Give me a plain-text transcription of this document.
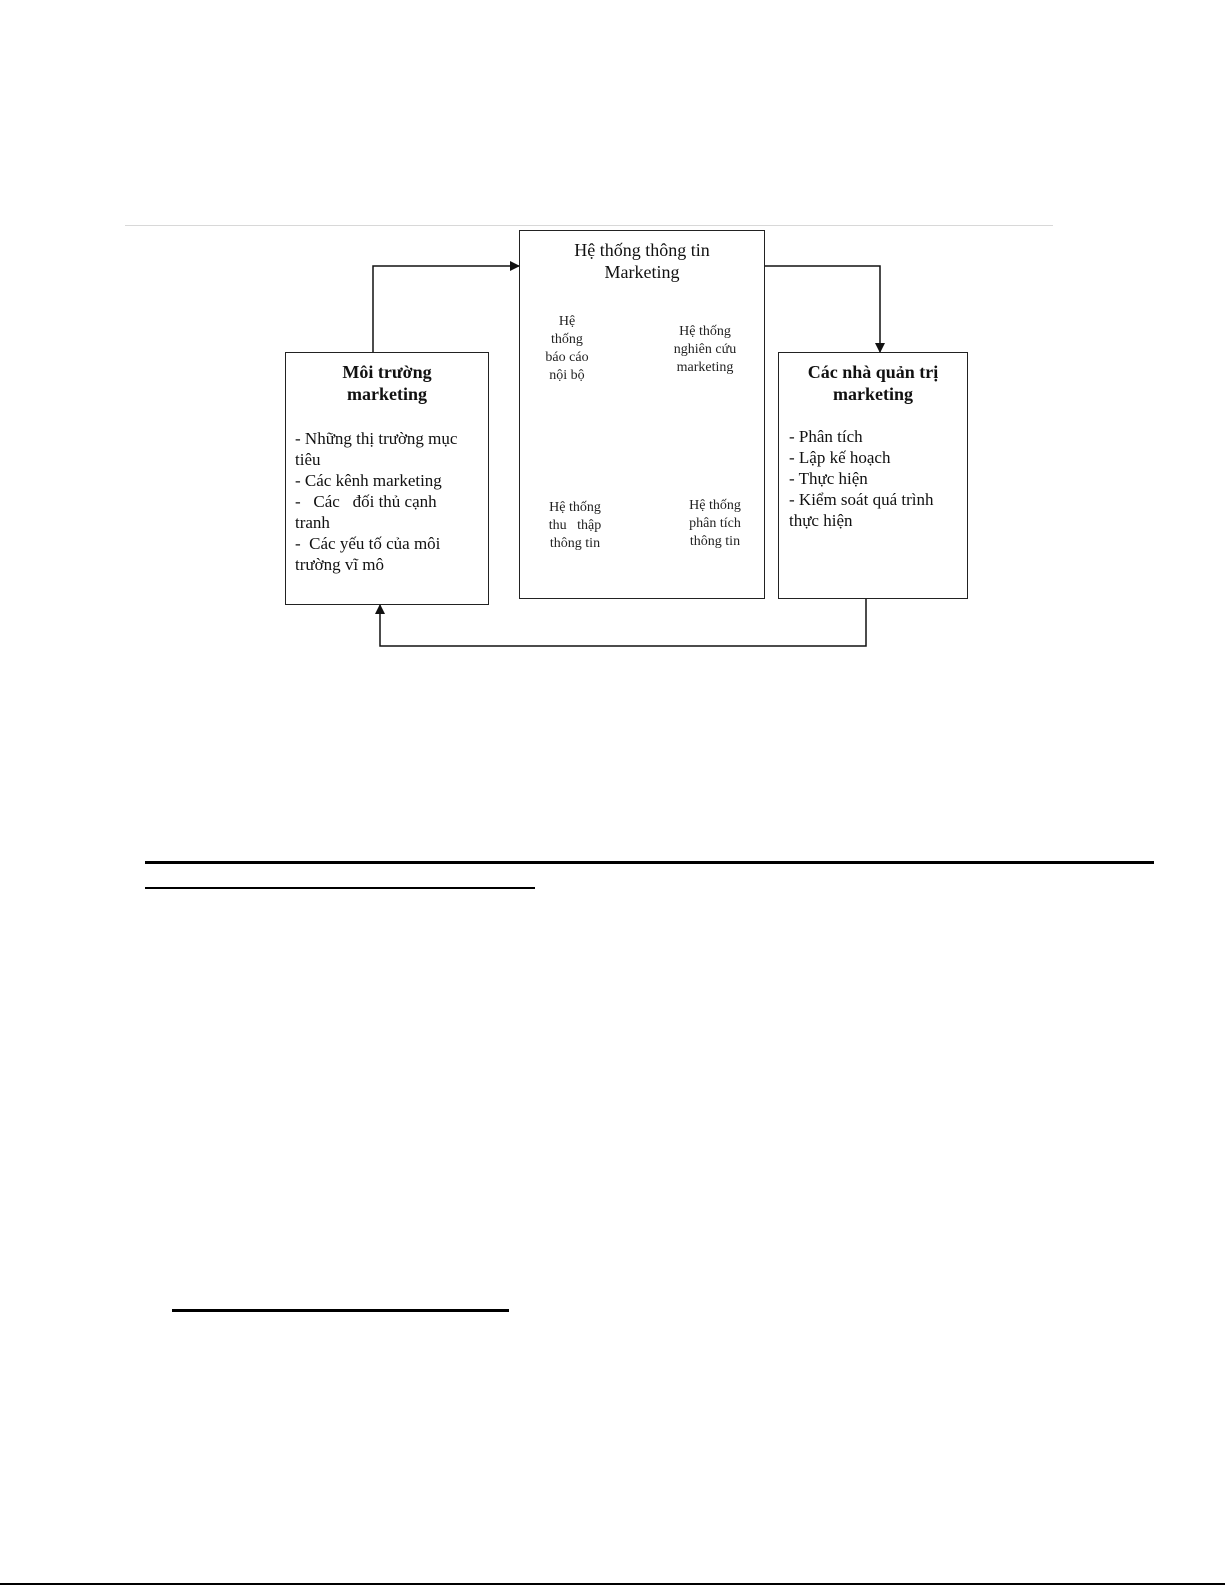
Môi trường
marketing
- Những thị trường mục
tiêu
- Các kênh marketing
-   Các   đối thủ cạnh
tranh
-  Các yếu tố của môi
trường vĩ mô
Hệ thống thông tin
Marketing
Hệ
thống
báo cáo
nội bộ
Hệ thống
nghiên cứu
marketing
Hệ thống
thu   thập
thông tin
Hệ thống
phân tích
thông tin
Các nhà quản trị
marketing
- Phân tích
- Lập kế hoạch
- Thực hiện
- Kiểm soát quá trình
thực hiện
